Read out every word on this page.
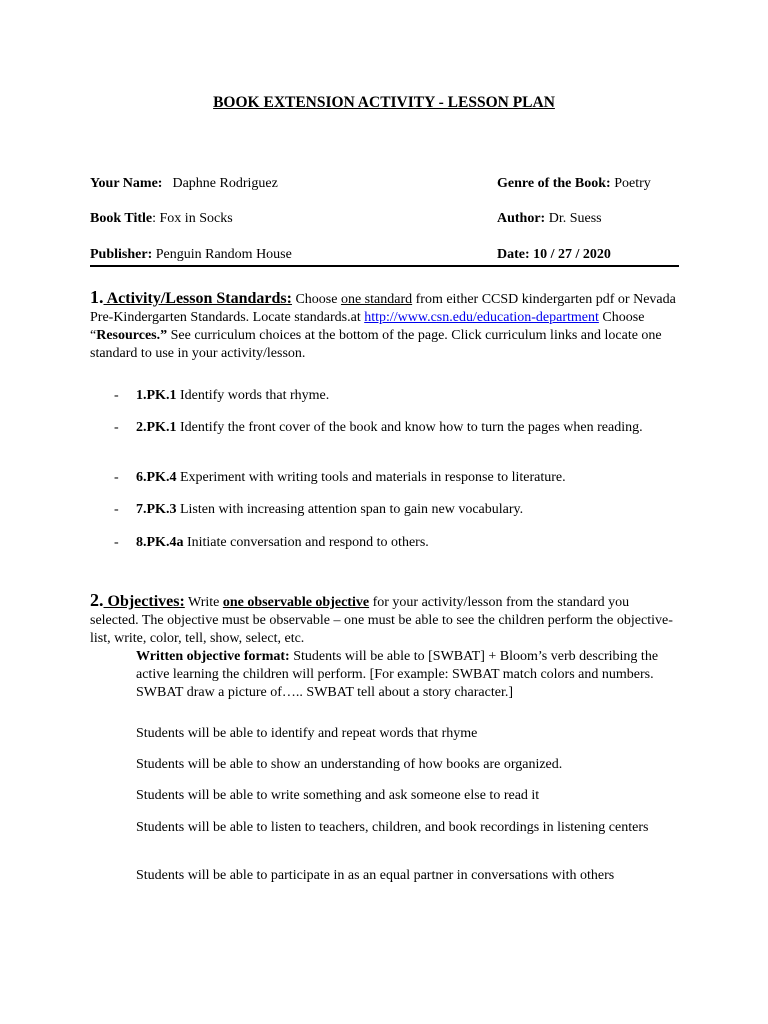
BOOK EXTENSION ACTIVITY - LESSON PLAN
Your Name: Daphne Rodriguez	Genre of the Book: Poetry
Book Title: Fox in Socks	Author: Dr. Suess
Publisher: Penguin Random House	Date: 10 / 27 / 2020
1. Activity/Lesson Standards: Choose one standard from either CCSD kindergarten pdf or Nevada Pre-Kindergarten Standards. Locate standards.at http://www.csn.edu/education-department Choose “Resources.” See curriculum choices at the bottom of the page. Click curriculum links and locate one standard to use in your activity/lesson.
- 1.PK.1 Identify words that rhyme.
- 2.PK.1 Identify the front cover of the book and know how to turn the pages when reading.
- 6.PK.4 Experiment with writing tools and materials in response to literature.
- 7.PK.3 Listen with increasing attention span to gain new vocabulary.
- 8.PK.4a Initiate conversation and respond to others.
2. Objectives: Write one observable objective for your activity/lesson from the standard you selected. The objective must be observable – one must be able to see the children perform the objective- list, write, color, tell, show, select, etc.
Written objective format: Students will be able to [SWBAT] + Bloom’s verb describing the active learning the children will perform. [For example: SWBAT match colors and numbers. SWBAT draw a picture of….. SWBAT tell about a story character.]
Students will be able to identify and repeat words that rhyme
Students will be able to show an understanding of how books are organized.
Students will be able to write something and ask someone else to read it
Students will be able to listen to teachers, children, and book recordings in listening centers
Students will be able to participate in as an equal partner in conversations with others
